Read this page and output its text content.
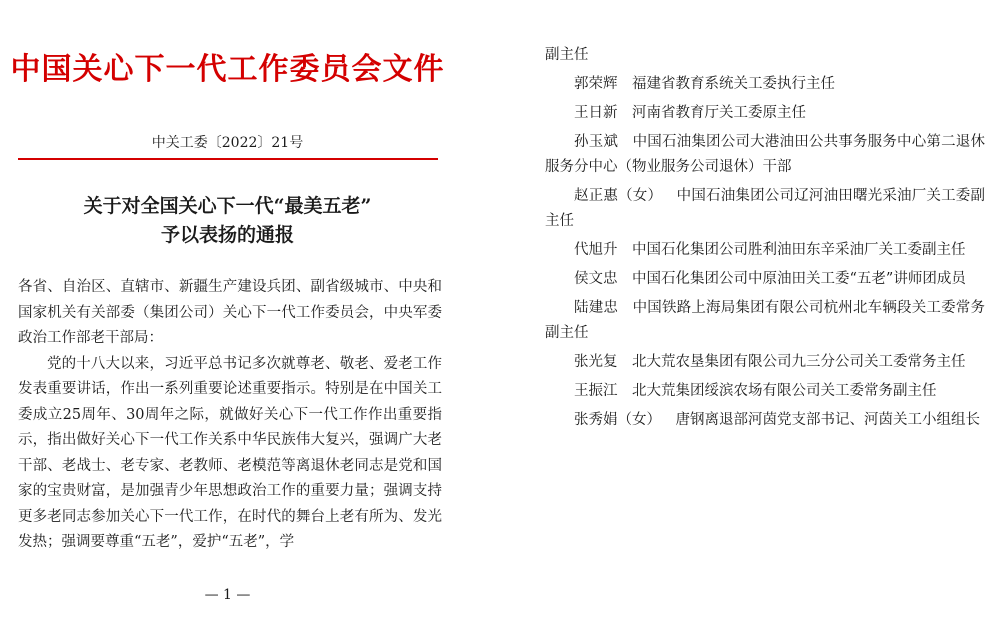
中国关心下一代工作委员会文件
中关工委〔2022〕21号
关于对全国关心下一代“最美五老”
予以表扬的通报

各省、自治区、直辖市、新疆生产建设兵团、副省级城市、中央和国家机关有关部委（集团公司）关心下一代工作委员会，中央军委政治工作部老干部局：

党的十八大以来，习近平总书记多次就尊老、敬老、爱老工作发表重要讲话，作出一系列重要论述重要指示。特别是在中国关工委成立25周年、30周年之际，就做好关心下一代工作作出重要指示，指出做好关心下一代工作关系中华民族伟大复兴，强调广大老干部、老战士、老专家、老教师、老模范等离退休老同志是党和国家的宝贵财富，是加强青少年思想政治工作的重要力量；强调支持更多老同志参加关心下一代工作，在时代的舞台上老有所为、发光发热；强调要尊重“五老”，爱护“五老”，学

— 1 —
副主任
郭荣辉 福建省教育系统关工委执行主任
王日新 河南省教育厅关工委原主任
孙玉斌 中国石油集团公司大港油田公共事务服务中心第二退休服务分中心（物业服务公司退休）干部
赵正惠（女） 中国石油集团公司辽河油田曙光采油厂关工委副主任
代旭升 中国石化集团公司胜利油田东辛采油厂关工委副主任
侯文忠 中国石化集团公司中原油田关工委“五老”讲师团成员
陆建忠 中国铁路上海局集团有限公司杭州北车辆段关工委常务副主任
张光复 北大荒农垦集团有限公司九三分公司关工委常务主任
王振江 北大荒集团绥滨农场有限公司关工委常务副主任
张秀娟（女） 唐钢离退部河茵党支部书记、河茵关工小组组长
